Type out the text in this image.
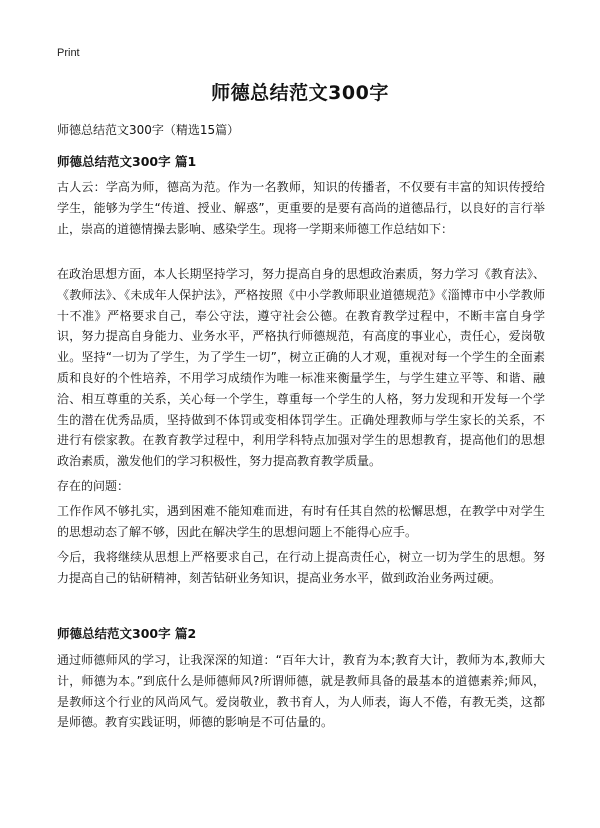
Print
师德总结范文300字
师德总结范文300字（精选15篇）
师德总结范文300字 篇1

古人云：学高为师，德高为范。作为一名教师，知识的传播者，不仅要有丰富的知识传授给学生，能够为学生“传道、授业、解惑”，更重要的是要有高尚的道德品行，以良好的言行举止，崇高的道德情操去影响、感染学生。现将一学期来师德工作总结如下：

在政治思想方面，本人长期坚持学习，努力提高自身的思想政治素质，努力学习《教育法》、《教师法》、《未成年人保护法》，严格按照《中小学教师职业道德规范》《淄博市中小学教师十不准》严格要求自己，奉公守法，遵守社会公德。在教育教学过程中，不断丰富自身学识，努力提高自身能力、业务水平，严格执行师德规范，有高度的事业心，责任心，爱岗敬业。坚持“一切为了学生，为了学生一切”，树立正确的人才观，重视对每一个学生的全面素质和良好的个性培养，不用学习成绩作为唯一标准来衡量学生，与学生建立平等、和谐、融洽、相互尊重的关系，关心每一个学生，尊重每一个学生的人格，努力发现和开发每一个学生的潜在优秀品质，坚持做到不体罚或变相体罚学生。正确处理教师与学生家长的关系，不进行有偿家教。在教育教学过程中，利用学科特点加强对学生的思想教育，提高他们的思想政治素质，激发他们的学习积极性，努力提高教育教学质量。

存在的问题：

工作作风不够扎实，遇到困难不能知难而进，有时有任其自然的松懈思想，在教学中对学生的思想动态了解不够，因此在解决学生的思想问题上不能得心应手。

今后，我将继续从思想上严格要求自己，在行动上提高责任心，树立一切为学生的思想。努力提高自己的钻研精神，刻苦钻研业务知识，提高业务水平，做到政治业务两过硬。

师德总结范文300字 篇2

通过师德师风的学习，让我深深的知道：“百年大计，教育为本;教育大计，教师为本,教师大计，师德为本。”到底什么是师德师风?所谓师德，就是教师具备的最基本的道德素养;师风，是教师这个行业的风尚风气。爱岗敬业，教书育人，为人师表，诲人不倦，有教无类，这都是师德。教育实践证明，师德的影响是不可估量的。
